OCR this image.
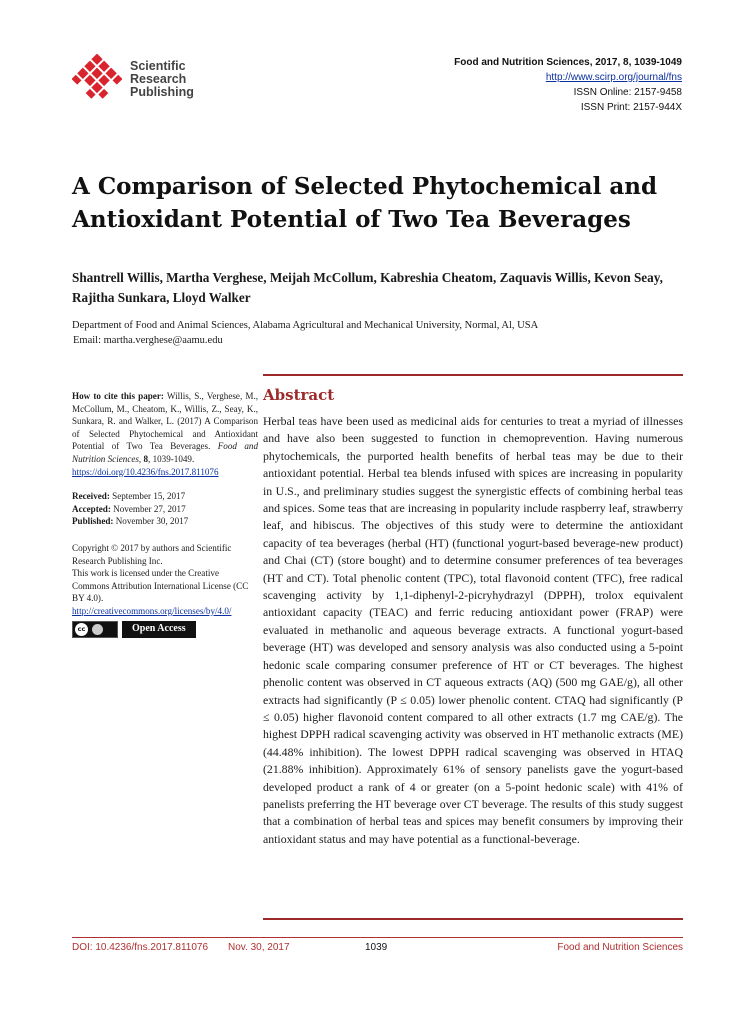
Scientific
Research
Publishing
Food and Nutrition Sciences, 2017, 8, 1039-1049
http://www.scirp.org/journal/fns
ISSN Online: 2157-9458
ISSN Print: 2157-944X
A Comparison of Selected Phytochemical and Antioxidant Potential of Two Tea Beverages
Shantrell Willis, Martha Verghese, Meijah McCollum, Kabreshia Cheatom, Zaquavis Willis, Kevon Seay, Rajitha Sunkara, Lloyd Walker
Department of Food and Animal Sciences, Alabama Agricultural and Mechanical University, Normal, Al, USA
Email: martha.verghese@aamu.edu
How to cite this paper: Willis, S., Verghese, M., McCollum, M., Cheatom, K., Willis, Z., Seay, K., Sunkara, R. and Walker, L. (2017) A Comparison of Selected Phytochemical and Antioxidant Potential of Two Tea Beverages. Food and Nutrition Sciences, 8, 1039-1049.
https://doi.org/10.4236/fns.2017.811076
Received: September 15, 2017
Accepted: November 27, 2017
Published: November 30, 2017
Copyright © 2017 by authors and Scientific Research Publishing Inc.
This work is licensed under the Creative Commons Attribution International License (CC BY 4.0).
http://creativecommons.org/licenses/by/4.0/
cc	Open Access
Abstract

Herbal teas have been used as medicinal aids for centuries to treat a myriad of illnesses and have also been suggested to function in chemoprevention. Having numerous phytochemicals, the purported health benefits of herbal teas may be due to their antioxidant potential. Herbal tea blends infused with spices are increasing in popularity in U.S., and preliminary studies suggest the synergistic effects of combining herbal teas and spices. Some teas that are increasing in popularity include raspberry leaf, strawberry leaf, and hibiscus. The objectives of this study were to determine the antioxidant capacity of tea beverages (herbal (HT) (functional yogurt-based beverage-new product) and Chai (CT) (store bought) and to determine consumer preferences of tea beverages (HT and CT). Total phenolic content (TPC), total flavonoid content (TFC), free radical scavenging activity by 1,1-diphenyl-2-picryhydrazyl (DPPH), trolox equivalent antioxidant capacity (TEAC) and ferric reducing antioxidant power (FRAP) were evaluated in methanolic and aqueous beverage extracts. A functional yogurt-based beverage (HT) was developed and sensory analysis was also conducted using a 5-point hedonic scale comparing consumer preference of HT or CT beverages. The highest phenolic content was observed in CT aqueous extracts (AQ) (500 mg GAE/g), all other extracts had significantly (P ≤ 0.05) lower phenolic content. CTAQ had significantly (P ≤ 0.05) higher flavonoid content compared to all other extracts (1.7 mg CAE/g). The highest DPPH radical scavenging activity was observed in HT methanolic extracts (ME) (44.48% inhibition). The lowest DPPH radical scavenging was observed in HTAQ (21.88% inhibition). Approximately 61% of sensory panelists gave the yogurt-based developed product a rank of 4 or greater (on a 5-point hedonic scale) with 41% of panelists preferring the HT beverage over CT beverage. The results of this study suggest that a combination of herbal teas and spices may benefit consumers by improving their antioxidant status and may have potential as a functional-beverage.

DOI: 10.4236/fns.2017.811076 Nov. 30, 2017	1039	Food and Nutrition Sciences
